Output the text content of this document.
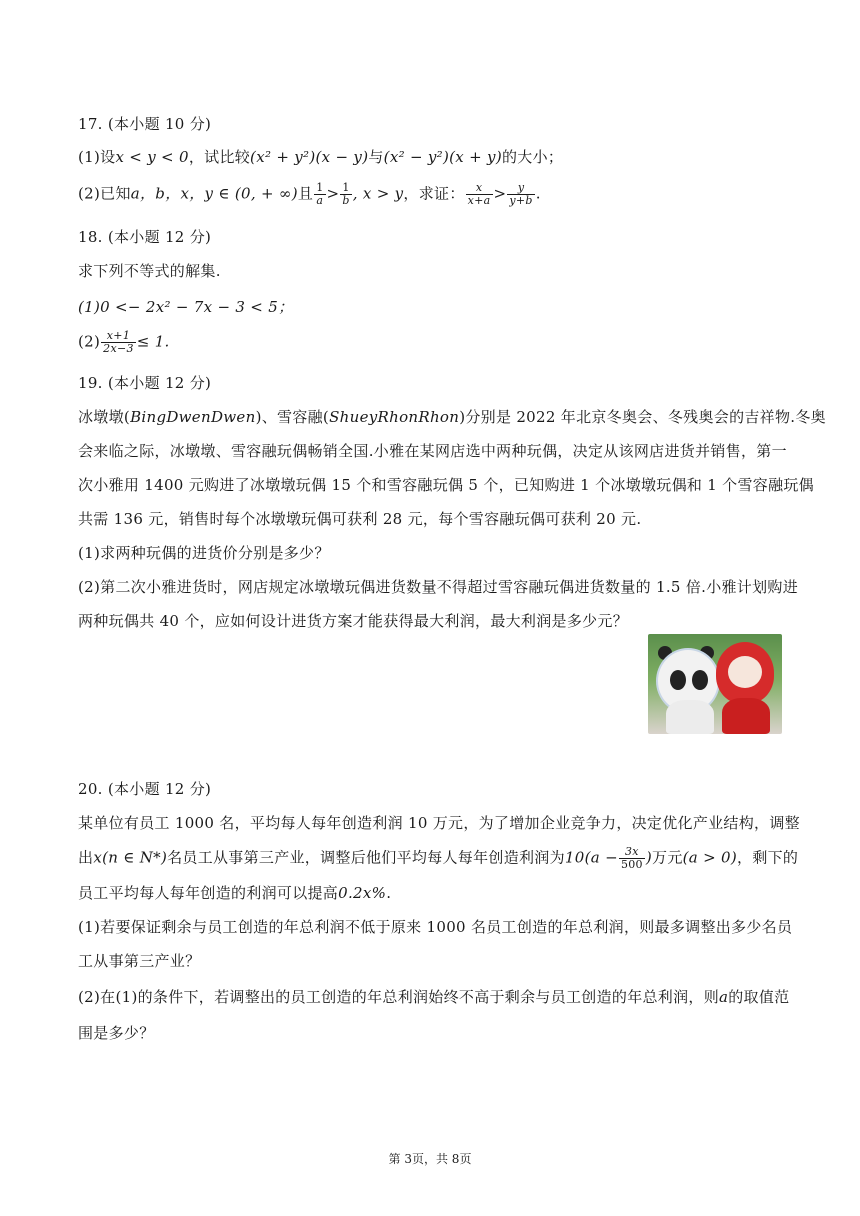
17. (本小题 10 分)
(1)设x < y < 0，试比较(x² + y²)(x − y)与(x² − y²)(x + y)的大小；
(2)已知a，b，x，y ∈ (0, + ∞)且 $\frac{1}{a} > \frac{1}{b}$ , x > y，求证： $\frac{x}{x+a} > \frac{y}{y+b}$ .
18. (本小题 12 分)
求下列不等式的解集.
(1)0 <− 2x² − 7x − 3 < 5；
$(2) \frac{x+1}{2x-3} \le 1$.
19. (本小题 12 分)
冰墩墩(BingDwenDwen)、雪容融(ShueyRhonRhon)分别是 2022 年北京冬奥会、冬残奥会的吉祥物.冬奥
会来临之际，冰墩墩、雪容融玩偶畅销全国.小雅在某网店选中两种玩偶，决定从该网店进货并销售，第一
次小雅用 1400 元购进了冰墩墩玩偶 15 个和雪容融玩偶 5 个，已知购进 1 个冰墩墩玩偶和 1 个雪容融玩偶
共需 136 元，销售时每个冰墩墩玩偶可获利 28 元，每个雪容融玩偶可获利 20 元.
(1)求两种玩偶的进货价分别是多少？
(2)第二次小雅进货时，网店规定冰墩墩玩偶进货数量不得超过雪容融玩偶进货数量的 1.5 倍.小雅计划购进
两种玩偶共 40 个，应如何设计进货方案才能获得最大利润，最大利润是多少元？
20. (本小题 12 分)
某单位有员工 1000 名，平均每人每年创造利润 10 万元，为了增加企业竞争力，决定优化产业结构，调整
出x(n ∈ N*)名员工从事第三产业，调整后他们平均每人每年创造利润为$10(a - \frac{3x}{500}$ )万元(a > 0)，剩下的
员工平均每人每年创造的利润可以提高0.2x%.
(1)若要保证剩余与员工创造的年总利润不低于原来 1000 名员工创造的年总利润，则最多调整出多少名员
工从事第三产业？
(2)在(1)的条件下，若调整出的员工创造的年总利润始终不高于剩余与员工创造的年总利润，则a的取值范
围是多少？
第 3页，共 8页
